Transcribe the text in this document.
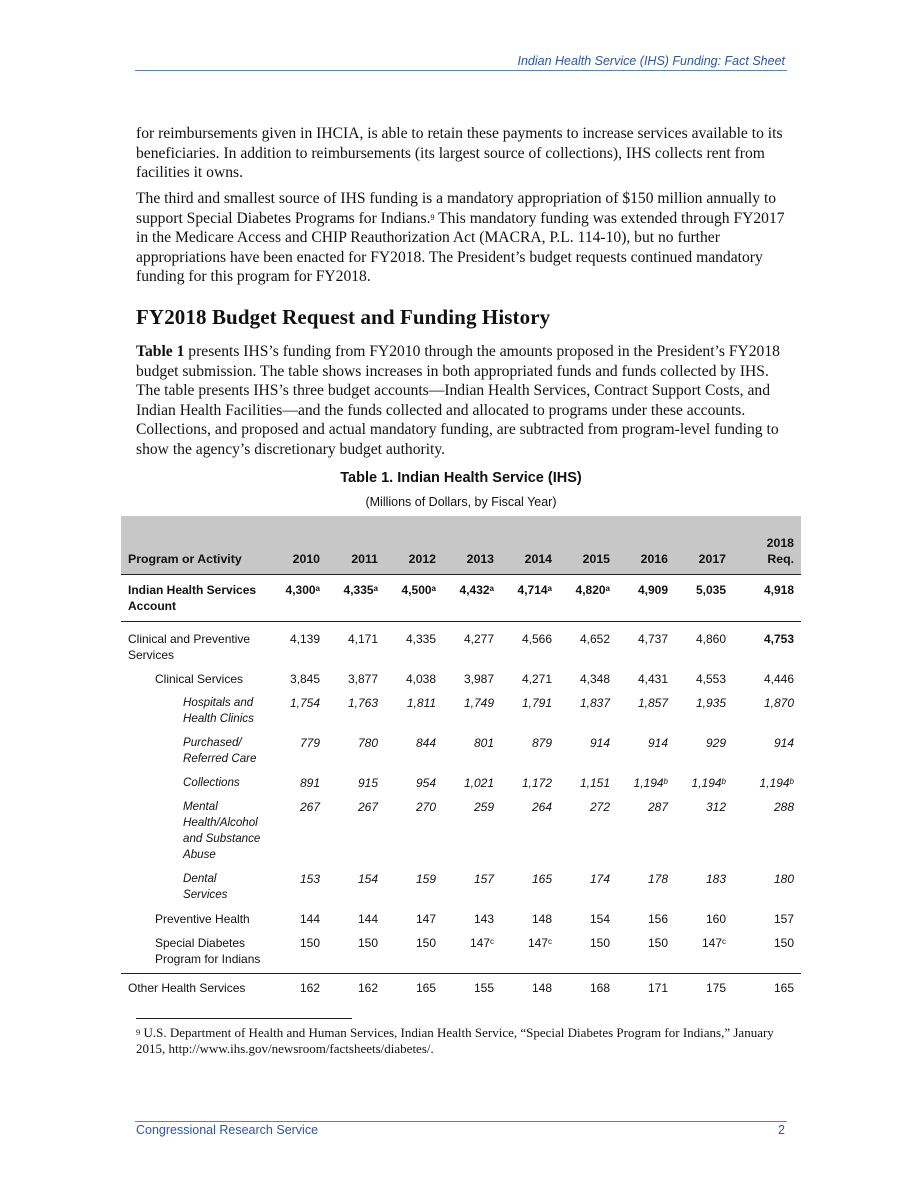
Indian Health Service (IHS) Funding: Fact Sheet

for reimbursements given in IHCIA, is able to retain these payments to increase services available to its beneficiaries. In addition to reimbursements (its largest source of collections), IHS collects rent from facilities it owns.

The third and smallest source of IHS funding is a mandatory appropriation of $150 million annually to support Special Diabetes Programs for Indians.$^9$ This mandatory funding was extended through FY2017 in the Medicare Access and CHIP Reauthorization Act (MACRA, P.L. 114-10), but no further appropriations have been enacted for FY2018. The President’s budget requests continued mandatory funding for this program for FY2018.

FY2018 Budget Request and Funding History

Table 1 presents IHS’s funding from FY2010 through the amounts proposed in the President’s FY2018 budget submission. The table shows increases in both appropriated funds and funds collected by IHS. The table presents IHS’s three budget accounts—Indian Health Services, Contract Support Costs, and Indian Health Facilities—and the funds collected and allocated to programs under these accounts. Collections, and proposed and actual mandatory funding, are subtracted from program-level funding to show the agency’s discretionary budget authority.

Table 1. Indian Health Service (IHS)
(Millions of Dollars, by Fiscal Year)
Program or Activity	2010	2011	2012	2013	2014	2015	2016	2017	2018 Req.
Indian Health Services Account	4,300$^a$	4,335$^a$	4,500$^a$	4,432$^a$	4,714$^a$	4,820$^a$	4,909	5,035	4,918
Clinical and Preventive Services	4,139	4,171	4,335	4,277	4,566	4,652	4,737	4,860	4,753
Clinical Services	3,845	3,877	4,038	3,987	4,271	4,348	4,431	4,553	4,446
Hospitals and Health Clinics	1,754	1,763	1,811	1,749	1,791	1,837	1,857	1,935	1,870
Purchased/ Referred Care	779	780	844	801	879	914	914	929	914
Collections	891	915	954	1,021	1,172	1,151	1,194$^b$	1,194$^b$	1,194$^b$
Mental Health/Alcohol and Substance Abuse	267	267	270	259	264	272	287	312	288
Dental Services	153	154	159	157	165	174	178	183	180
Preventive Health	144	144	147	143	148	154	156	160	157
Special Diabetes Program for Indians	150	150	150	147$^c$	147$^c$	150	150	147$^c$	150
Other Health Services	162	162	165	155	148	168	171	175	165
$^9$ U.S. Department of Health and Human Services, Indian Health Service, “Special Diabetes Program for Indians,” January 2015, http://www.ihs.gov/newsroom/factsheets/diabetes/.
Congressional Research Service	2
